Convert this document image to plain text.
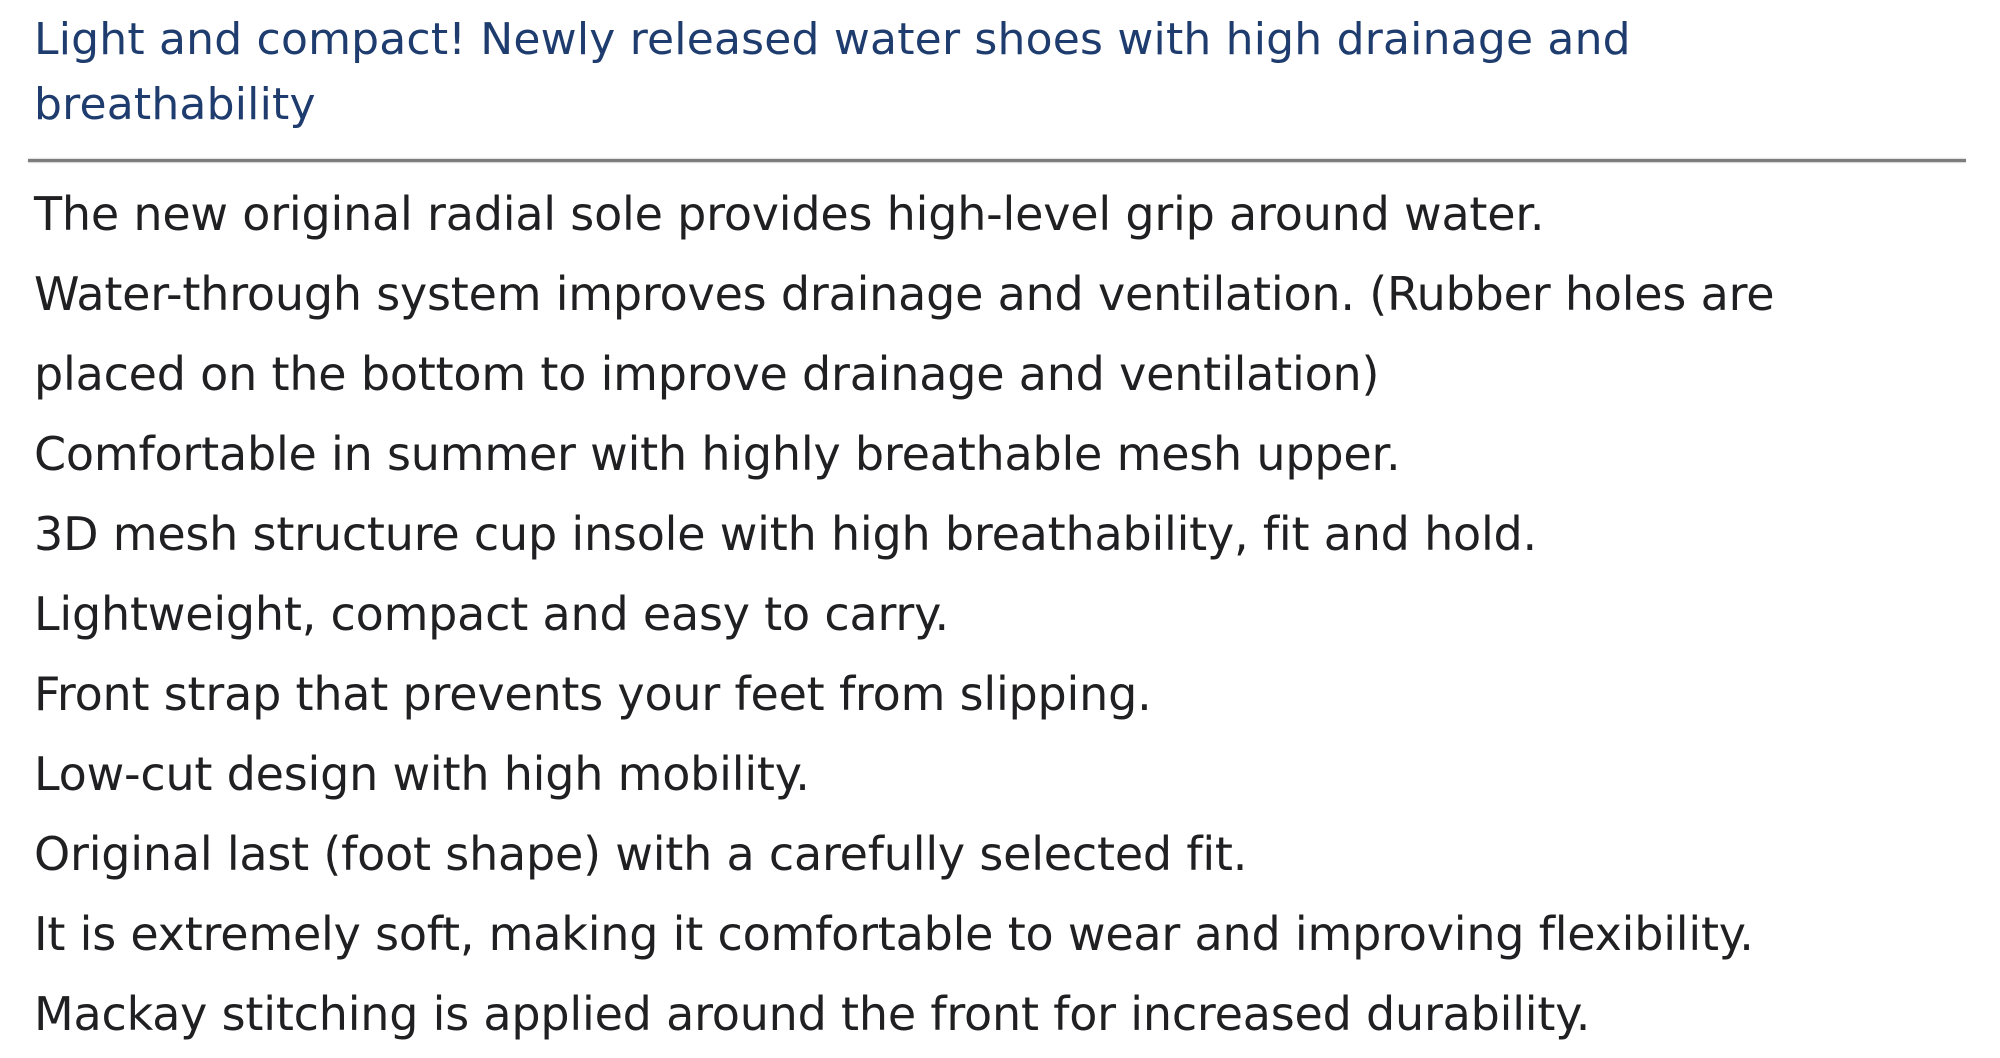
Light and compact! Newly released water shoes with high drainage and
breathability
The new original radial sole provides high-level grip around water.
Water-through system improves drainage and ventilation. (Rubber holes are
placed on the bottom to improve drainage and ventilation)
Comfortable in summer with highly breathable mesh upper.
3D mesh structure cup insole with high breathability, fit and hold.
Lightweight, compact and easy to carry.
Front strap that prevents your feet from slipping.
Low-cut design with high mobility.
Original last (foot shape) with a carefully selected fit.
It is extremely soft, making it comfortable to wear and improving flexibility.
Mackay stitching is applied around the front for increased durability.
